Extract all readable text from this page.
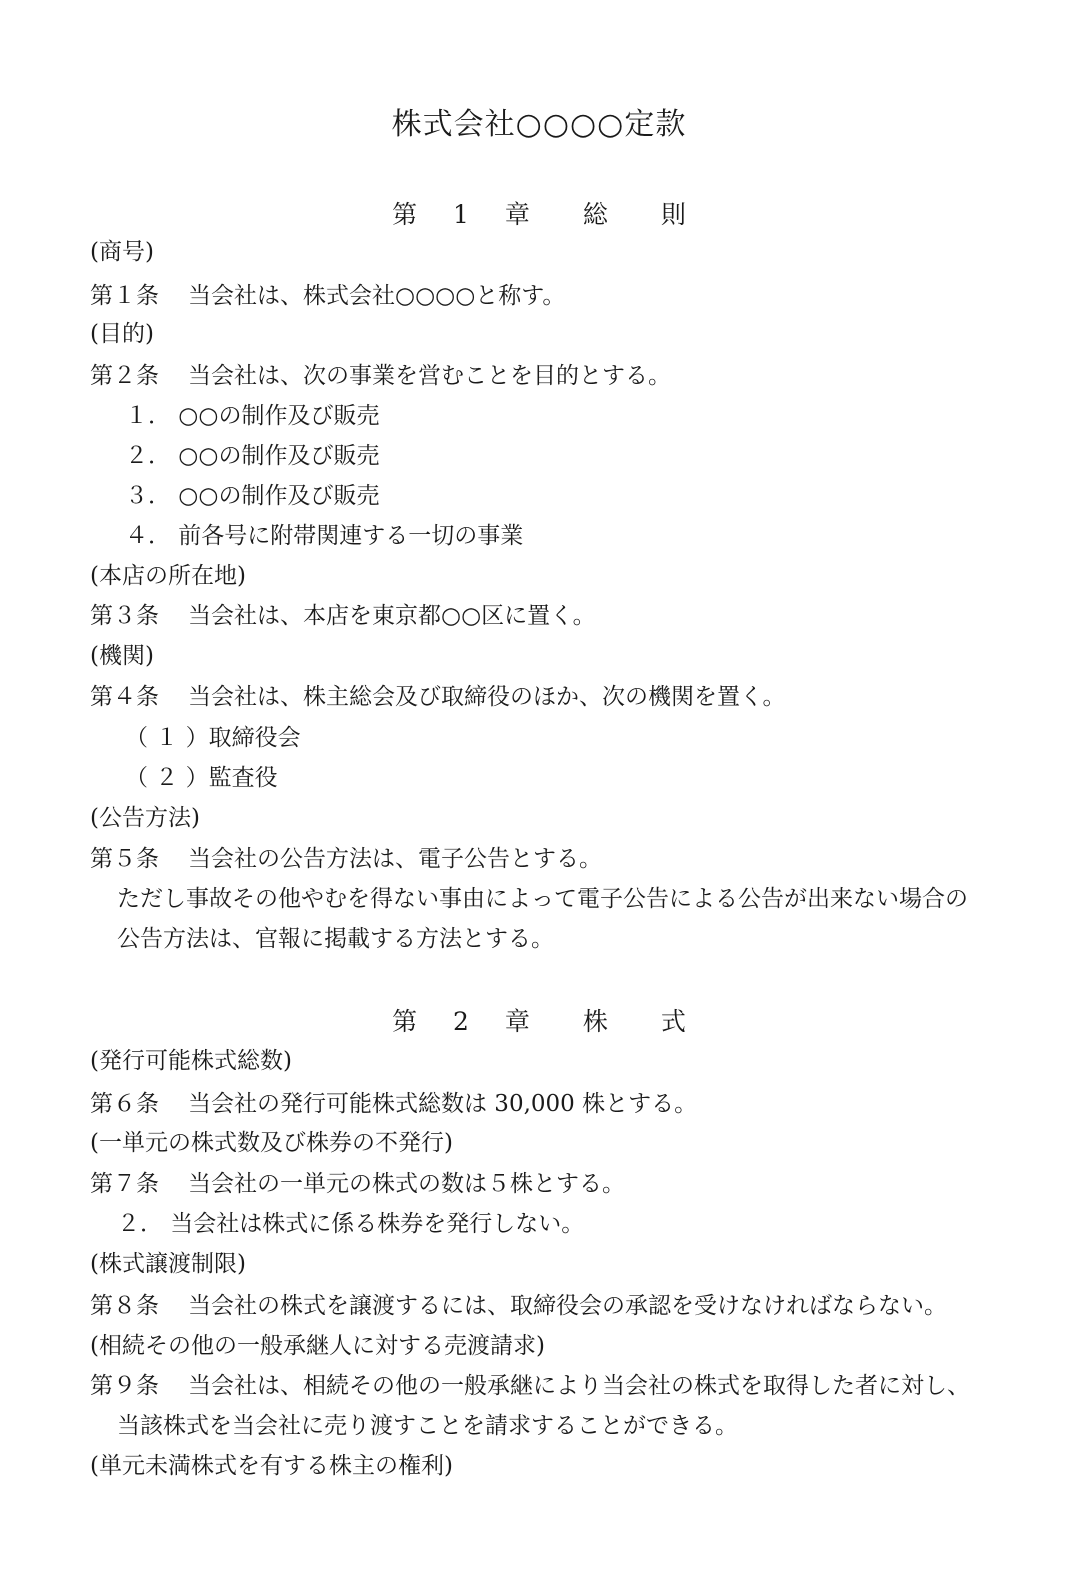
株式会社○○○○定款
第 1 章　総　則
(商号)
第１条 当会社は、株式会社○○○○と称す。
(目的)
第２条 当会社は、次の事業を営むことを目的とする。
１． ○○の制作及び販売
２． ○○の制作及び販売
３． ○○の制作及び販売
４． 前各号に附帯関連する一切の事業
(本店の所在地)
第３条 当会社は、本店を東京都○○区に置く。
(機関)
第４条 当会社は、株主総会及び取締役のほか、次の機関を置く。
（ １ ）取締役会
（ ２ ）監査役
(公告方法)
第５条 当会社の公告方法は、電子公告とする。
ただし事故その他やむを得ない事由によって電子公告による公告が出来ない場合の
公告方法は、官報に掲載する方法とする。
第 2 章　株　式
(発行可能株式総数)
第６条 当会社の発行可能株式総数は 30,000 株とする。
(一単元の株式数及び株券の不発行)
第７条 当会社の一単元の株式の数は５株とする。
２． 当会社は株式に係る株券を発行しない。
(株式譲渡制限)
第８条 当会社の株式を譲渡するには、取締役会の承認を受けなければならない。
(相続その他の一般承継人に対する売渡請求)
第９条 当会社は、相続その他の一般承継により当会社の株式を取得した者に対し、
当該株式を当会社に売り渡すことを請求することができる。
(単元未満株式を有する株主の権利)
